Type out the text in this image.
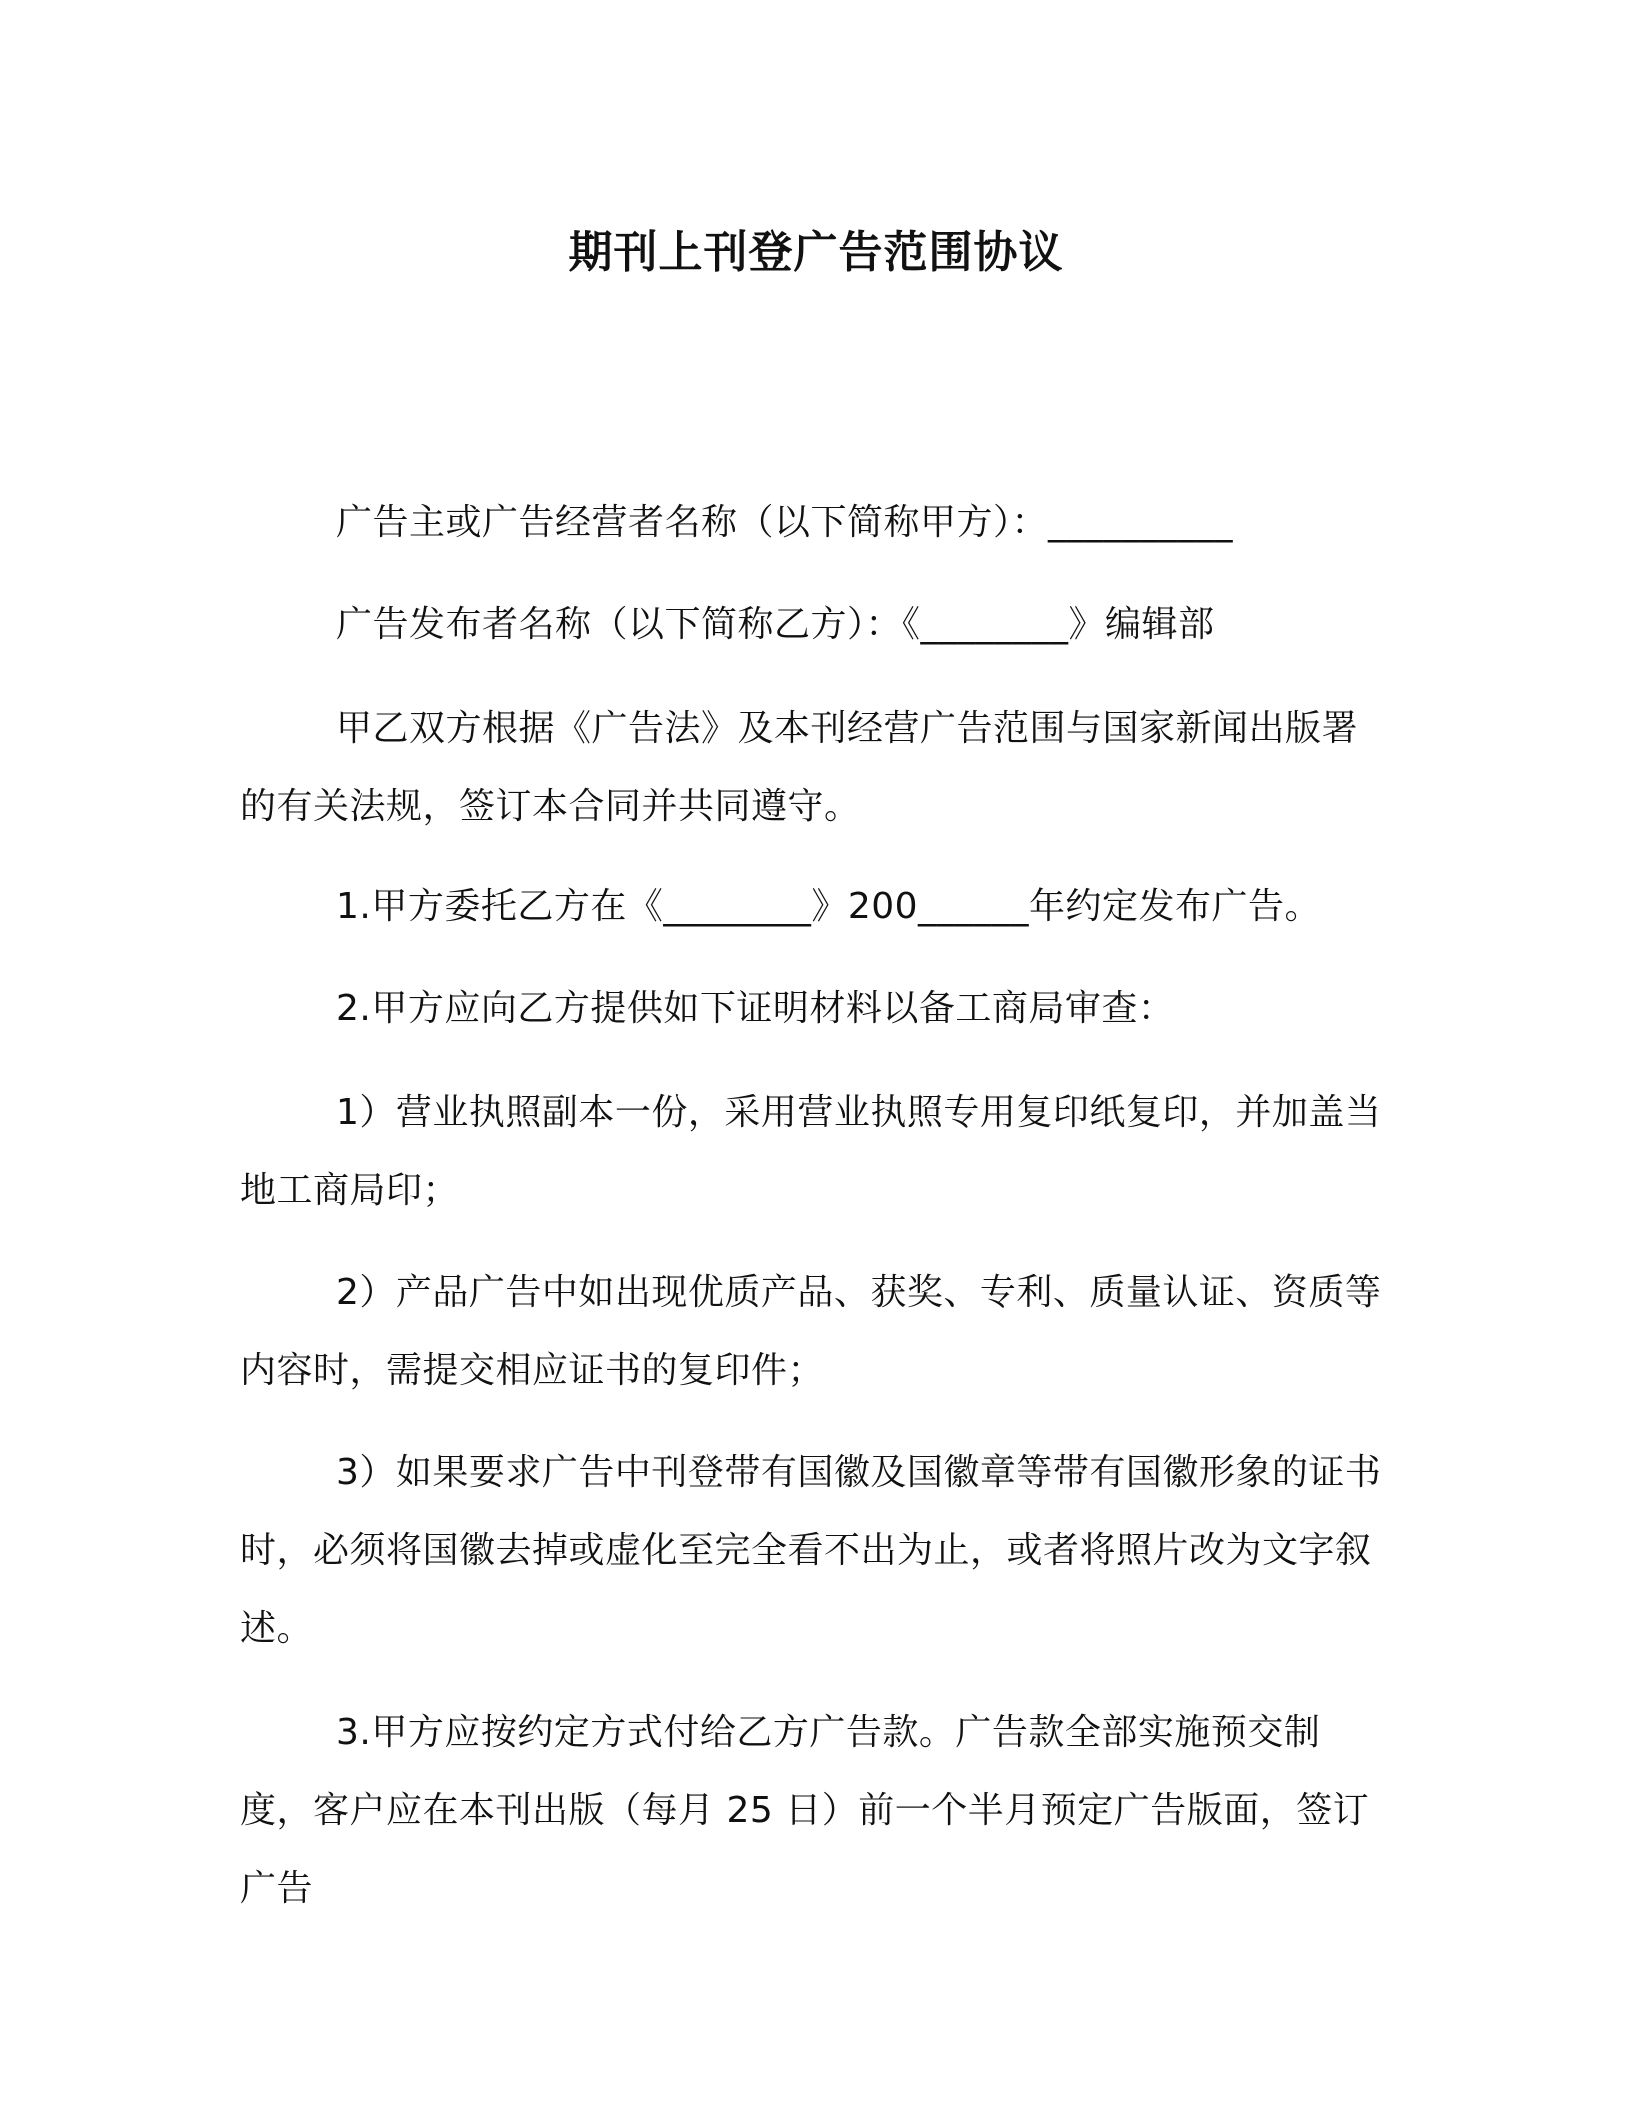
期刊上刊登广告范围协议
广告主或广告经营者名称（以下简称甲方）：__________
广告发布者名称（以下简称乙方）：《________》编辑部
甲乙双方根据《广告法》及本刊经营广告范围与国家新闻出版署的有关法规，签订本合同并共同遵守。
1.甲方委托乙方在《________》200______年约定发布广告。
2.甲方应向乙方提供如下证明材料以备工商局审查：
1）营业执照副本一份，采用营业执照专用复印纸复印，并加盖当地工商局印；
2）产品广告中如出现优质产品、获奖、专利、质量认证、资质等内容时，需提交相应证书的复印件；
3）如果要求广告中刊登带有国徽及国徽章等带有国徽形象的证书时，必须将国徽去掉或虚化至完全看不出为止，或者将照片改为文字叙述。
3.甲方应按约定方式付给乙方广告款。广告款全部实施预交制度，客户应在本刊出版（每月 25 日）前一个半月预定广告版面，签订广告
